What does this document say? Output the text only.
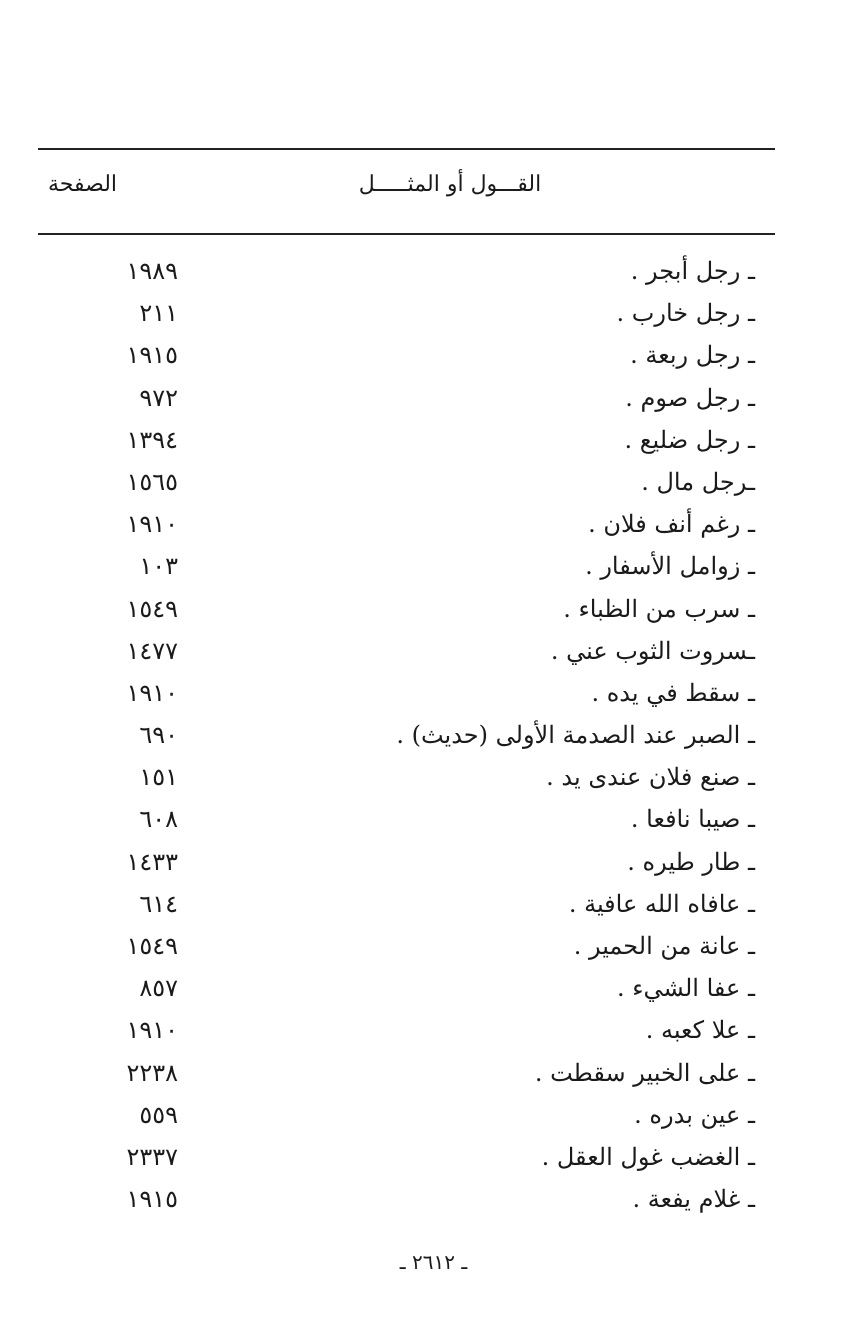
الصفحة	القـــول أو المثـــــل
ـ رجل أبجر .
١٩٨٩
ـ رجل خارب .
٢١١
ـ رجل ربعة .
١٩١٥
ـ رجل صوم .
٩٧٢
ـ رجل ضليع .
١٣٩٤
ـرجل مال .
١٥٦٥
ـ رغم أنف فلان .
١٩١٠
ـ زوامل الأسفار .
١٠٣
ـ سرب من الظباء .
١٥٤٩
ـسروت الثوب عني .
١٤٧٧
ـ سقط في يده .
١٩١٠
ـ الصبر عند الصدمة الأولى (حديث) .
٦٩٠
ـ صنع فلان عندى يد .
١٥١
ـ صيبا نافعا .
٦٠٨
ـ طار طيره .
١٤٣٣
ـ عافاه الله عافية .
٦١٤
ـ عانة من الحمير .
١٥٤٩
ـ عفا الشيء .
٨٥٧
ـ علا كعبه .
١٩١٠
ـ على الخبير سقطت .
٢٢٣٨
ـ عين بدره .
٥٥٩
ـ الغضب غول العقل .
٢٣٣٧
ـ غلام يفعة .
١٩١٥
ـ ٢٦١٢ ـ
